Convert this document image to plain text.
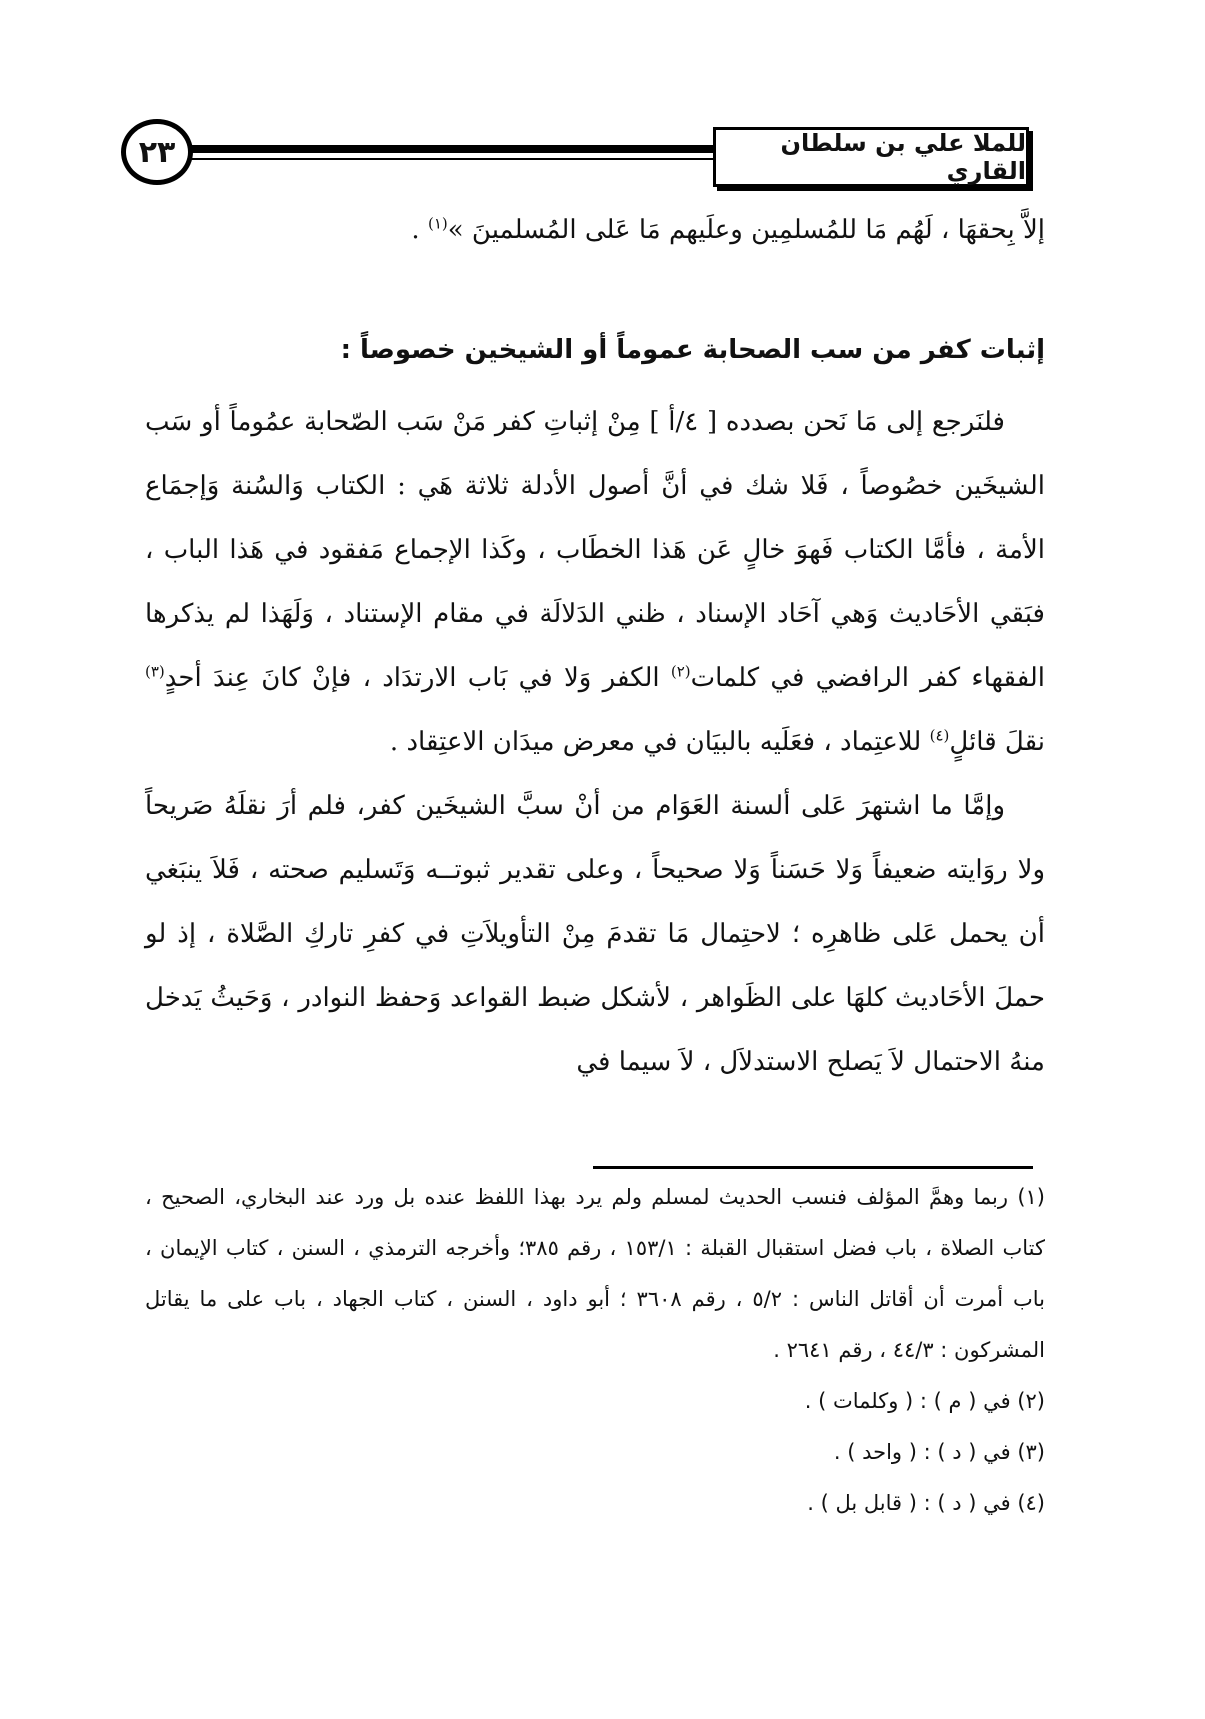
٢٣	للملا علي بن سلطان القاري
إلاَّ بِحقهَا ، لَهُم مَا للمُسلمِين وعلَيهم مَا عَلى المُسلمينَ »$^{(١)}$ .
إثبات كفر من سب الصحابة عموماً أو الشيخين خصوصاً :

فلنَرجع إلى مَا نَحن بصدده [ ٤/أ ] مِنْ إثباتِ كفر مَنْ سَب الصّحابة عمُوماً أو سَب الشيخَين خصُوصاً ، فَلا شك في أنَّ أصول الأدلة ثلاثة هَي : الكتاب وَالسُنة وَإجمَاع الأمة ، فأمَّا الكتاب فَهوَ خالٍ عَن هَذا الخطَاب ، وكَذا الإجماع مَفقود في هَذا الباب ، فبَقي الأحَاديث وَهي آحَاد الإسناد ، ظني الدَلالَة في مقام الإستناد ، وَلَهَذا لم يذكرها الفقهاء كفر الرافضي في كلمات$^{(٢)}$ الكفر وَلا في بَاب الارتدَاد ، فإنْ كانَ عِندَ أحدٍ$^{(٣)}$ نقلَ قائلٍ$^{(٤)}$ للاعتِماد ، فعَلَيه بالبيَان في معرض ميدَان الاعتِقاد .

وإمَّا ما اشتهرَ عَلى ألسنة العَوَام من أنْ سبَّ الشيخَين كفر، فلم أرَ نقلَهُ صَريحاً ولا روَايته ضعيفاً وَلا حَسَناً وَلا صحيحاً ، وعلى تقدير ثبوتــه وَتَسليم صحته ، فَلاَ ينبَغي أن يحمل عَلى ظاهرِه ؛ لاحتِمال مَا تقدمَ مِنْ التأويلاَتِ في كفرِ تاركِ الصَّلاة ، إذ لو حملَ الأحَاديث كلهَا على الظَواهر ، لأشكل ضبط القواعد وَحفظ النوادر ، وَحَيثُ يَدخل منهُ الاحتمال لاَ يَصلح الاستدلاَل ، لاَ سيما في

(١) ربما وهمَّ المؤلف فنسب الحديث لمسلم ولم يرد بهذا اللفظ عنده بل ورد عند البخاري، الصحيح ، كتاب الصلاة ، باب فضل استقبال القبلة : ١٥٣/١ ، رقم ٣٨٥؛ وأخرجه الترمذي ، السنن ، كتاب الإيمان ، باب أمرت أن أقاتل الناس : ٥/٢ ، رقم ٣٦٠٨ ؛ أبو داود ، السنن ، كتاب الجهاد ، باب على ما يقاتل المشركون : ٤٤/٣ ، رقم ٢٦٤١ .

(٢) في ( م ) : ( وكلمات ) .

(٣) في ( د ) : ( واحد ) .

(٤) في ( د ) : ( قابل بل ) .
